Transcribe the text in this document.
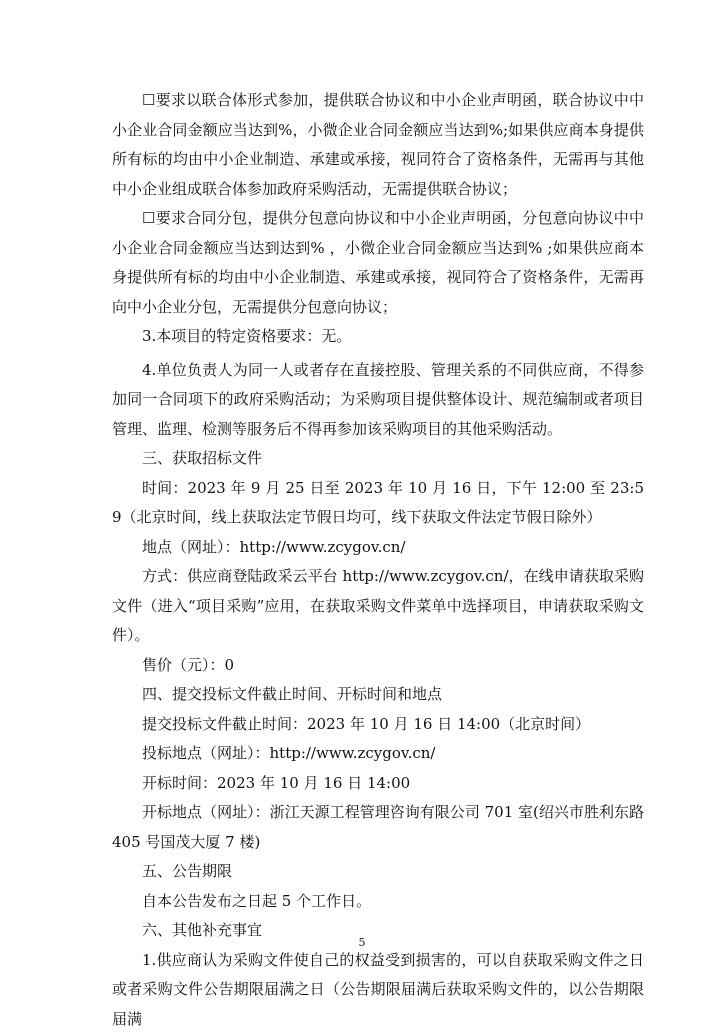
☐要求以联合体形式参加，提供联合协议和中小企业声明函，联合协议中中小企业合同金额应当达到%，小微企业合同金额应当达到%;如果供应商本身提供所有标的均由中小企业制造、承建或承接，视同符合了资格条件，无需再与其他中小企业组成联合体参加政府采购活动，无需提供联合协议；

☐要求合同分包，提供分包意向协议和中小企业声明函，分包意向协议中中小企业合同金额应当达到达到% ，小微企业合同金额应当达到% ;如果供应商本身提供所有标的均由中小企业制造、承建或承接，视同符合了资格条件，无需再向中小企业分包，无需提供分包意向协议；

3.本项目的特定资格要求：无。

4.单位负责人为同一人或者存在直接控股、管理关系的不同供应商，不得参加同一合同项下的政府采购活动；为采购项目提供整体设计、规范编制或者项目管理、监理、检测等服务后不得再参加该采购项目的其他采购活动。

三、获取招标文件

时间：2023 年 9 月 25 日至 2023 年 10 月 16 日，下午 12:00 至 23:59（北京时间，线上获取法定节假日均可，线下获取文件法定节假日除外）

地点（网址）：http://www.zcygov.cn/

方式：供应商登陆政采云平台 http://www.zcygov.cn/，在线申请获取采购文件（进入“项目采购”应用，在获取采购文件菜单中选择项目，申请获取采购文件）。

售价（元）：0

四、提交投标文件截止时间、开标时间和地点

提交投标文件截止时间：2023 年 10 月 16 日 14:00（北京时间）

投标地点（网址）：http://www.zcygov.cn/

开标时间：2023 年 10 月 16 日 14:00

开标地点（网址）：浙江天源工程管理咨询有限公司 701 室(绍兴市胜利东路 405 号国茂大厦 7 楼)

五、公告期限

自本公告发布之日起 5 个工作日。

六、其他补充事宜

1.供应商认为采购文件使自己的权益受到损害的，可以自获取采购文件之日或者采购文件公告期限届满之日（公告期限届满后获取采购文件的，以公告期限届满

5
